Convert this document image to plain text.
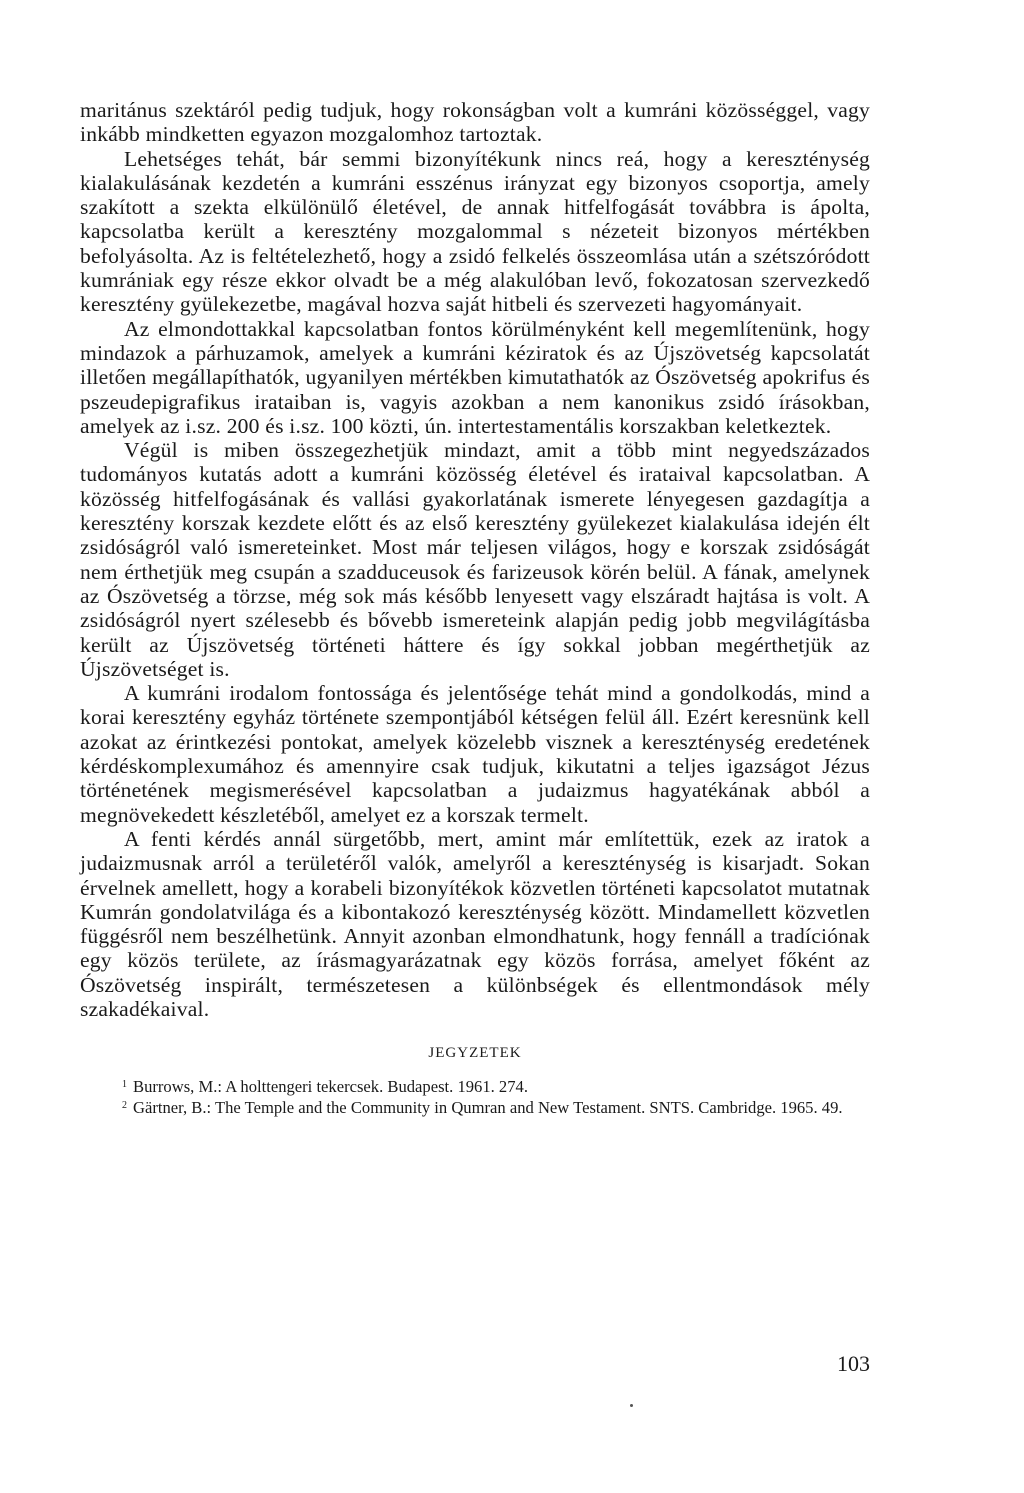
maritánus szektáról pedig tudjuk, hogy rokonságban volt a kumráni közösséggel, vagy inkább mindketten egyazon mozgalomhoz tartoztak.

Lehetséges tehát, bár semmi bizonyítékunk nincs reá, hogy a kereszténység kialakulásának kezdetén a kumráni esszénus irányzat egy bizonyos csoportja, amely szakított a szekta elkülönülő életével, de annak hitfelfogását továbbra is ápolta, kapcsolatba került a keresztény mozgalommal s nézeteit bizonyos mértékben befolyásolta. Az is feltételezhető, hogy a zsidó felkelés összeomlása után a szétszóródott kumrániak egy része ekkor olvadt be a még alakulóban levő, fokozatosan szervezkedő keresztény gyülekezetbe, magával hozva saját hitbeli és szervezeti hagyományait.

Az elmondottakkal kapcsolatban fontos körülményként kell megemlítenünk, hogy mindazok a párhuzamok, amelyek a kumráni kéziratok és az Újszövetség kapcsolatát illetően megállapíthatók, ugyanilyen mértékben kimutathatók az Ószövetség apokrifus és pszeudepigrafikus irataiban is, vagyis azokban a nem kanonikus zsidó írásokban, amelyek az i.sz. 200 és i.sz. 100 közti, ún. intertestamentális korszakban keletkeztek.

Végül is miben összegezhetjük mindazt, amit a több mint negyedszázados tudományos kutatás adott a kumráni közösség életével és irataival kapcsolatban. A közösség hitfelfogásának és vallási gyakorlatának ismerete lényegesen gazdagítja a keresztény korszak kezdete előtt és az első keresztény gyülekezet kialakulása idején élt zsidóságról való ismereteinket. Most már teljesen világos, hogy e korszak zsidóságát nem érthetjük meg csupán a szadduceusok és farizeusok körén belül. A fának, amelynek az Ószövetség a törzse, még sok más később lenyesett vagy elszáradt hajtása is volt. A zsidóságról nyert szélesebb és bővebb ismereteink alapján pedig jobb megvilágításba került az Újszövetség történeti háttere és így sokkal jobban megérthetjük az Újszövetséget is.

A kumráni irodalom fontossága és jelentősége tehát mind a gondolkodás, mind a korai keresztény egyház története szempontjából kétségen felül áll. Ezért keresnünk kell azokat az érintkezési pontokat, amelyek közelebb visznek a kereszténység eredetének kérdéskomplexumához és amennyire csak tudjuk, kikutatni a teljes igazságot Jézus történetének megismerésével kapcsolatban a judaizmus hagyatékának abból a megnövekedett készletéből, amelyet ez a korszak termelt.

A fenti kérdés annál sürgetőbb, mert, amint már említettük, ezek az iratok a judaizmusnak arról a területéről valók, amelyről a kereszténység is kisarjadt. Sokan érvelnek amellett, hogy a korabeli bizonyítékok közvetlen történeti kapcsolatot mutatnak Kumrán gondolatvilága és a kibontakozó kereszténység között. Mindamellett közvetlen függésről nem beszélhetünk. Annyit azonban elmondhatunk, hogy fennáll a tradíciónak egy közös területe, az írásmagyarázatnak egy közös forrása, amelyet főként az Ószövetség inspirált, természetesen a különbségek és ellentmondások mély szakadékaival.

JEGYZETEK

$^1$ Burrows, M.: A holttengeri tekercsek. Budapest. 1961. 274.

$^2$ Gärtner, B.: The Temple and the Community in Qumran and New Testament. SNTS. Cambridge. 1965. 49.

103
